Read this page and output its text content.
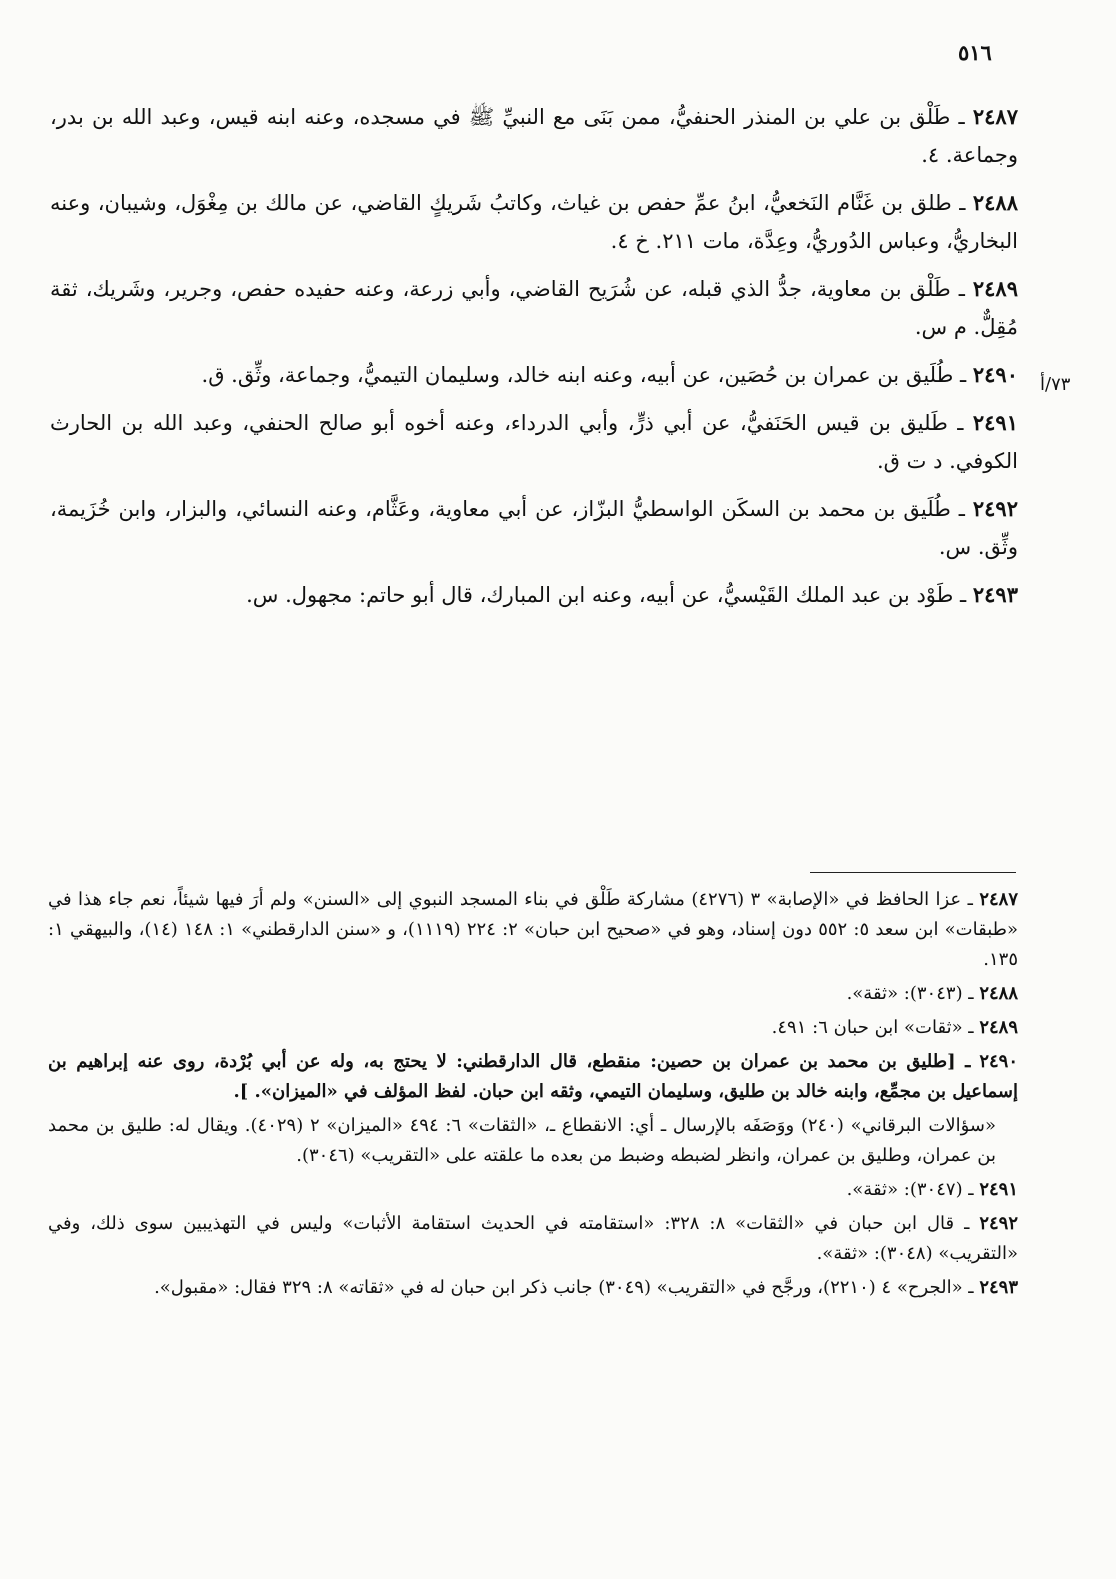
٥١٦
٧٣/أ

٢٤٨٧ ـ طَلْق بن علي بن المنذر الحنفيُّ، ممن بَنَى مع النبيِّ ﷺ في مسجده، وعنه ابنه قيس، وعبد الله بن بدر، وجماعة. ٤.

٢٤٨٨ ـ طلق بن غَنَّام النَخعيُّ، ابنُ عمِّ حفص بن غياث، وكاتبُ شَريكٍ القاضي، عن مالك بن مِغْوَل، وشيبان، وعنه البخاريُّ، وعباس الدُوريُّ، وعِدَّة، مات ٢١١. خ ٤.

٢٤٨٩ ـ طَلْق بن معاوية، جدُّ الذي قبله، عن شُرَيح القاضي، وأبي زرعة، وعنه حفيده حفص، وجرير، وشَريك، ثقة مُقِلٌّ. م س.

٢٤٩٠ ـ طُلَيق بن عمران بن حُصَين، عن أبيه، وعنه ابنه خالد، وسليمان التيميُّ، وجماعة، وثِّق. ق.

٢٤٩١ ـ طَليق بن قيس الحَنَفيُّ، عن أبي ذرٍّ، وأبي الدرداء، وعنه أخوه أبو صالح الحنفي، وعبد الله بن الحارث الكوفي. د ت ق.

٢٤٩٢ ـ طُلَيق بن محمد بن السكَن الواسطيُّ البزّاز، عن أبي معاوية، وعَثَّام، وعنه النسائي، والبزار، وابن خُزَيمة، وثِّق. س.

٢٤٩٣ ـ طَوْد بن عبد الملك القَيْسيُّ، عن أبيه، وعنه ابن المبارك، قال أبو حاتم: مجهول. س.

٢٤٨٧ ـ عزا الحافظ في «الإصابة» ٣ (٤٢٧٦) مشاركة طَلْق في بناء المسجد النبوي إلى «السنن» ولم أرَ فيها شيئاً، نعم جاء هذا في «طبقات» ابن سعد ٥: ٥٥٢ دون إسناد، وهو في «صحيح ابن حبان» ٢: ٢٢٤ (١١١٩)، و «سنن الدارقطني» ١: ١٤٨ (١٤)، والبيهقي ١: ١٣٥.

٢٤٨٨ ـ (٣٠٤٣): «ثقة».

٢٤٨٩ ـ «ثقات» ابن حبان ٦: ٤٩١.

٢٤٩٠ ـ [طليق بن محمد بن عمران بن حصين: منقطع، قال الدارقطني: لا يحتج به، وله عن أبي بُرْدة، روى عنه إبراهيم بن إسماعيل بن مجمِّع، وابنه خالد بن طليق، وسليمان التيمي، وثقه ابن حبان. لفظ المؤلف في «الميزان». ].

«سؤالات البرقاني» (٢٤٠) ووَصَفَه بالإرسال ـ أي: الانقطاع ـ، «الثقات» ٦: ٤٩٤ «الميزان» ٢ (٤٠٢٩). ويقال له: طليق بن محمد بن عمران، وطليق بن عمران، وانظر لضبطه وضبط من بعده ما علقته على «التقريب» (٣٠٤٦).

٢٤٩١ ـ (٣٠٤٧): «ثقة».

٢٤٩٢ ـ قال ابن حبان في «الثقات» ٨: ٣٢٨: «استقامته في الحديث استقامة الأثبات» وليس في التهذيبين سوى ذلك، وفي «التقريب» (٣٠٤٨): «ثقة».

٢٤٩٣ ـ «الجرح» ٤ (٢٢١٠)، ورجَّح في «التقريب» (٣٠٤٩) جانب ذكر ابن حبان له في «ثقاته» ٨: ٣٢٩ فقال: «مقبول».
